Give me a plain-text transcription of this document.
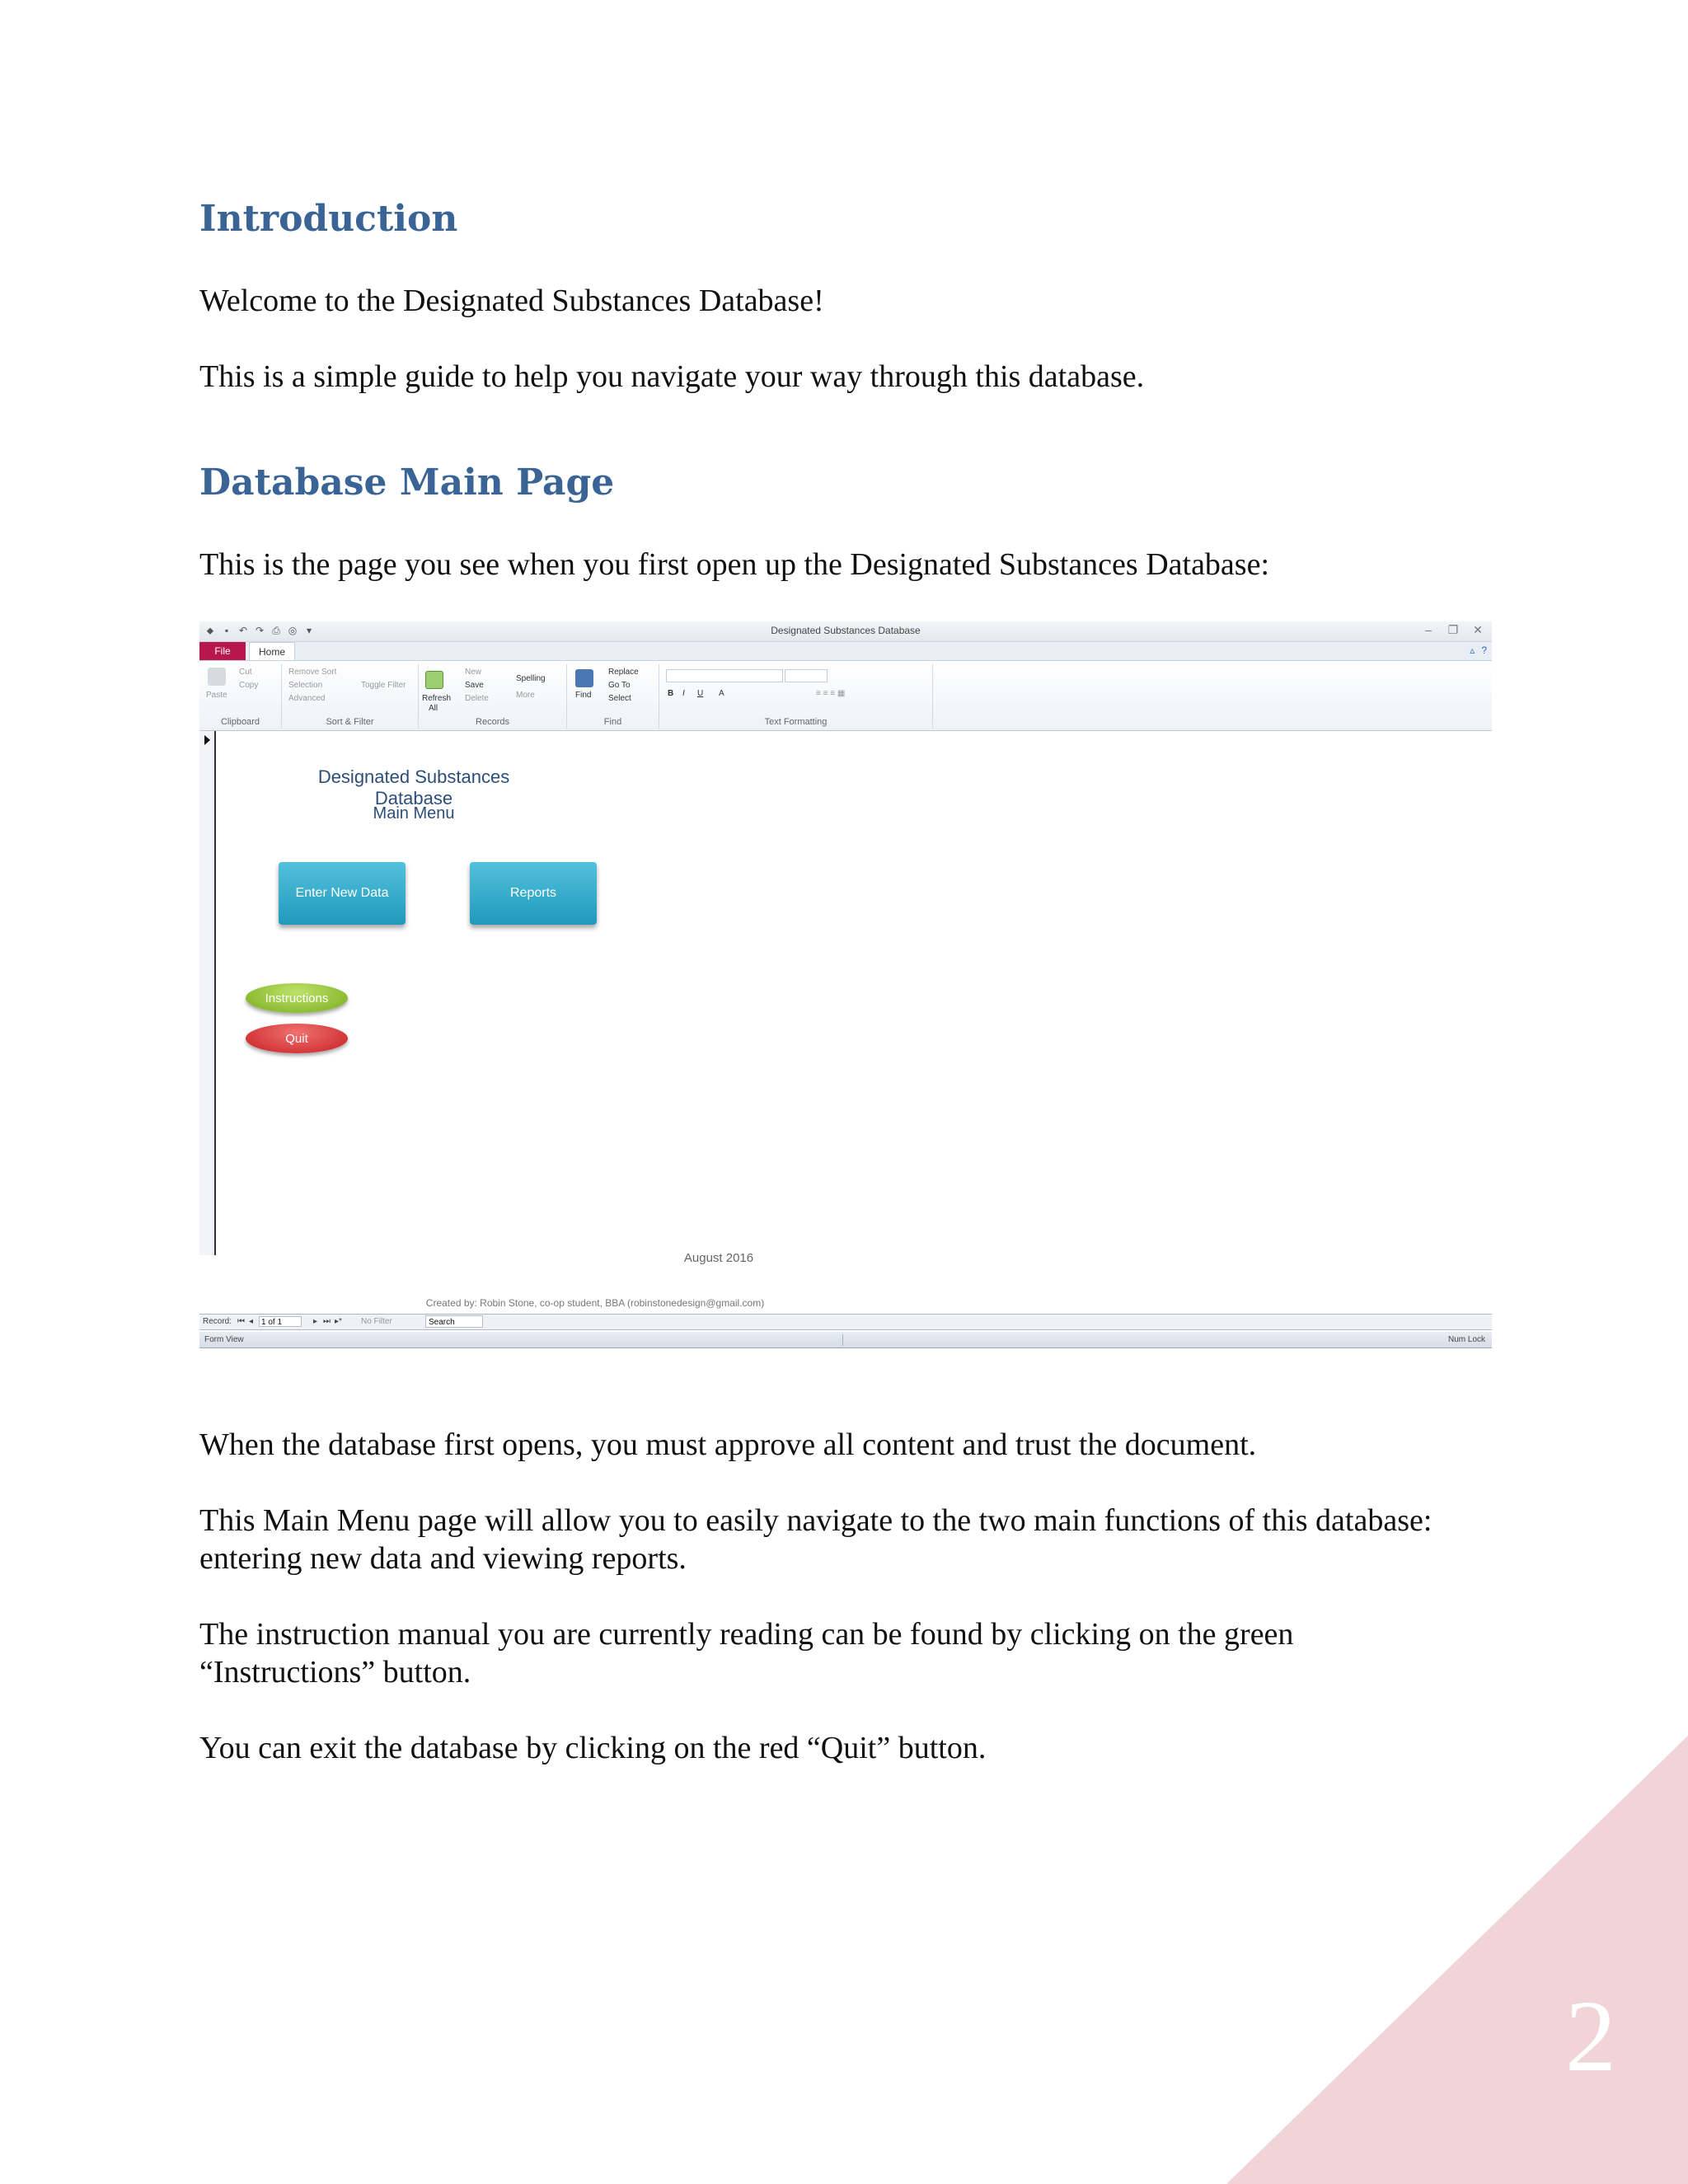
2
Introduction

Welcome to the Designated Substances Database!

This is a simple guide to help you navigate your way through this database.

Database Main Page

This is the page you see when you first open up the Designated Substances Database:

⬥	▪	↶ ↷ ⎙ ◎ ▾	Designated Substances Database	–	❐ ✕
File	Home	▵ ?
Paste
Cut
Copy
Clipboard
Remove Sort
Selection
Advanced
Toggle Filter
Sort & Filter
Refresh
All
New
Save
Delete
Spelling
More
Records
Find
Replace
Go To
Select
Find
B I U A	≡ ≡ ≡ ▦
Text Formatting
Designated Substances Database
Main Menu
Enter New Data	Reports
Instructions
Quit
August 2016
Created by: Robin Stone, co-op student, BBA (robinstonedesign@gmail.com)
Record: ⏮ ◂ 1 of 1	▸ ⏭ ▸* No Filter	Search
Form View	Num Lock

When the database first opens, you must approve all content and trust the document.

This Main Menu page will allow you to easily navigate to the two main functions of this database: entering new data and viewing reports.

The instruction manual you are currently reading can be found by clicking on the green “Instructions” button.

You can exit the database by clicking on the red “Quit” button.
